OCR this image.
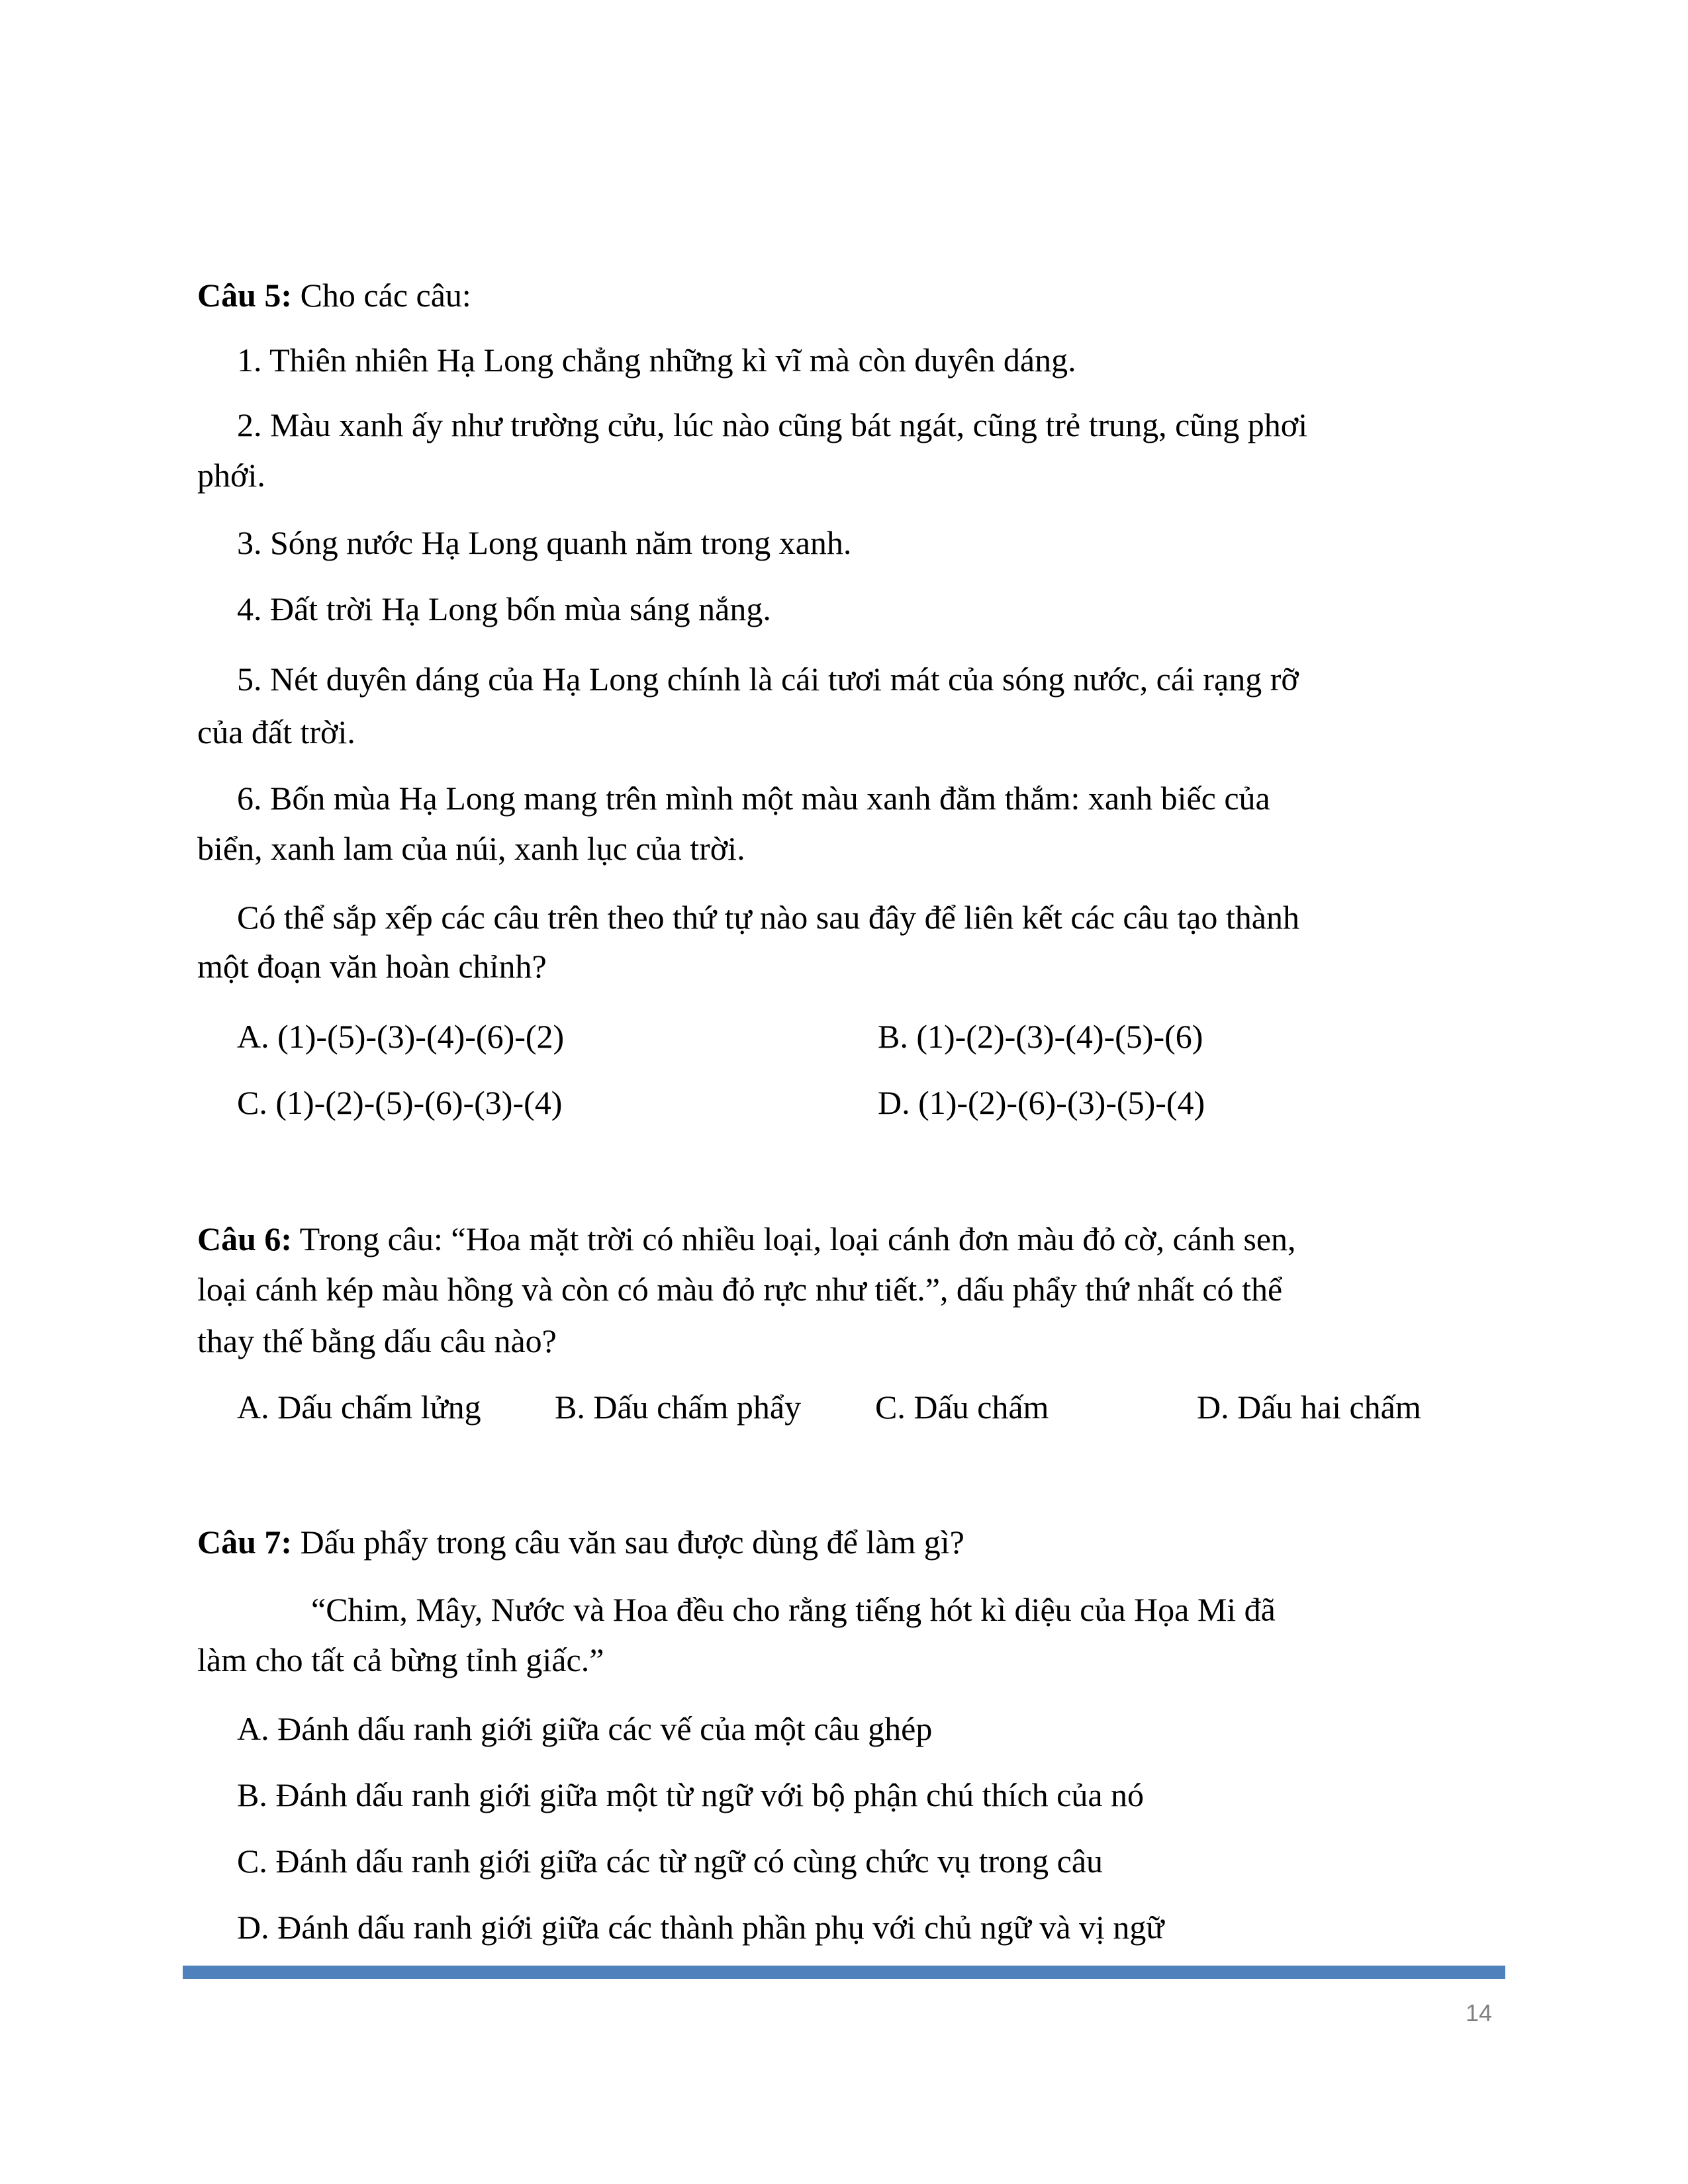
Câu 5: Cho các câu:
1. Thiên nhiên Hạ Long chẳng những kì vĩ mà còn duyên dáng.
2. Màu xanh ấy như trường cửu, lúc nào cũng bát ngát, cũng trẻ trung, cũng phơi
phới.
3. Sóng nước Hạ Long quanh năm trong xanh.
4. Đất trời Hạ Long bốn mùa sáng nắng.
5. Nét duyên dáng của Hạ Long chính là cái tươi mát của sóng nước, cái rạng rỡ
của đất trời.
6. Bốn mùa Hạ Long mang trên mình một màu xanh đằm thắm: xanh biếc của
biển, xanh lam của núi, xanh lục của trời.
Có thể sắp xếp các câu trên theo thứ tự nào sau đây để liên kết các câu tạo thành
một đoạn văn hoàn chỉnh?
A. (1)-(5)-(3)-(4)-(6)-(2)	B. (1)-(2)-(3)-(4)-(5)-(6)
C. (1)-(2)-(5)-(6)-(3)-(4)	D. (1)-(2)-(6)-(3)-(5)-(4)
Câu 6: Trong câu: “Hoa mặt trời có nhiều loại, loại cánh đơn màu đỏ cờ, cánh sen,
loại cánh kép màu hồng và còn có màu đỏ rực như tiết.”, dấu phẩy thứ nhất có thể
thay thế bằng dấu câu nào?
A. Dấu chấm lửng B. Dấu chấm phẩy C. Dấu chấm	D. Dấu hai chấm
Câu 7: Dấu phẩy trong câu văn sau được dùng để làm gì?
“Chim, Mây, Nước và Hoa đều cho rằng tiếng hót kì diệu của Họa Mi đã
làm cho tất cả bừng tỉnh giấc.”
A. Đánh dấu ranh giới giữa các vế của một câu ghép
B. Đánh dấu ranh giới giữa một từ ngữ với bộ phận chú thích của nó
C. Đánh dấu ranh giới giữa các từ ngữ có cùng chức vụ trong câu
D. Đánh dấu ranh giới giữa các thành phần phụ với chủ ngữ và vị ngữ
14
